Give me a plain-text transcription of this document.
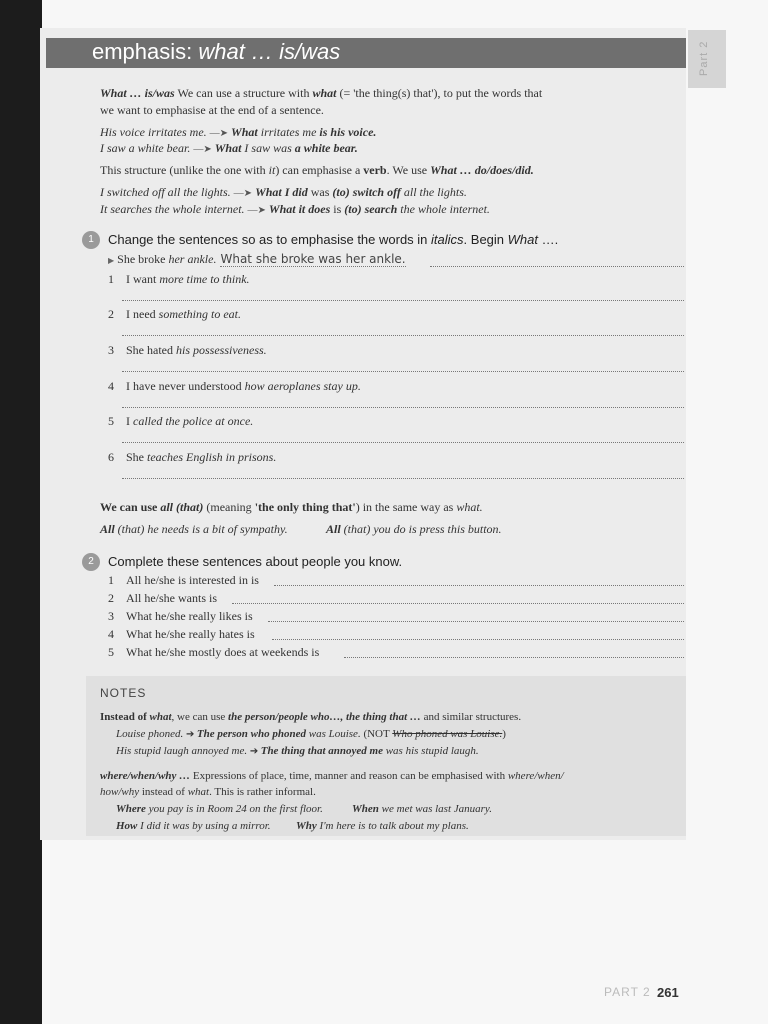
emphasis: what … is/was	Part 2
What … is/was We can use a structure with what (= 'the thing(s) that'), to put the words that
we want to emphasise at the end of a sentence.
His voice irritates me. —➤ What irritates me is his voice.
I saw a white bear. —➤ What I saw was a white bear.
This structure (unlike the one with it) can emphasise a verb. We use What … do/does/did.
I switched off all the lights. —➤ What I did was (to) switch off all the lights.
It searches the whole internet. —➤ What it does is (to) search the whole internet.
1	Change the sentences so as to emphasise the words in italics. Begin What ….
▶ She broke her ankle. What she broke was her ankle.
1 I want more time to think.
2 I need something to eat.
3 She hated his possessiveness.
4 I have never understood how aeroplanes stay up.
5 I called the police at once.
6 She teaches English in prisons.
We can use all (that) (meaning 'the only thing that') in the same way as what.
All (that) he needs is a bit of sympathy.	All (that) you do is press this button.
2	Complete these sentences about people you know.
1 All he/she is interested in is
2 All he/she wants is
3 What he/she really likes is
4 What he/she really hates is
5 What he/she mostly does at weekends is
NOTES
Instead of what, we can use the person/people who…, the thing that … and similar structures.
Louise phoned. ➔ The person who phoned was Louise. (NOT Who phoned was Louise.)
His stupid laugh annoyed me. ➔ The thing that annoyed me was his stupid laugh.
where/when/why … Expressions of place, time, manner and reason can be emphasised with where/when/
how/why instead of what. This is rather informal.
Where you pay is in Room 24 on the first floor.	When we met was last January.
How I did it was by using a mirror. Why I'm here is to talk about my plans.
PART 2 261
